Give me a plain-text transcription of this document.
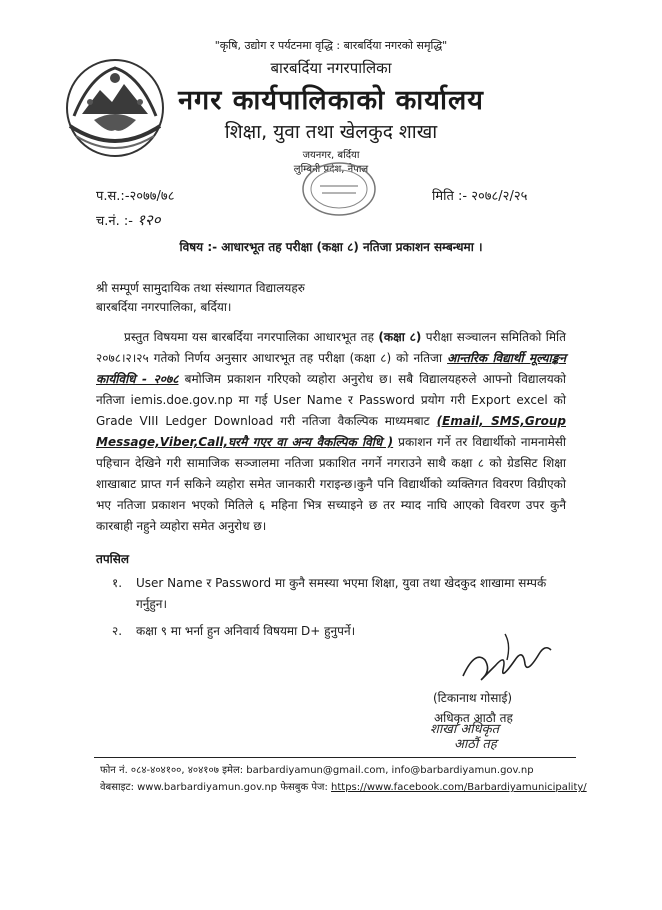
"कृषि, उद्योग र पर्यटनमा वृद्धि : बारबर्दिया नगरको समृद्धि"
बारबर्दिया नगरपालिका
नगर कार्यपालिकाको कार्यालय
शिक्षा, युवा तथा खेलकुद शाखा
जयनगर, बर्दिया
लुम्बिनी प्रदेश, नेपाल
प.स.:-२०७७/७८	मिति :- २०७८/२/२५
च.नं. :- १२०
विषय :- आधारभूत तह परीक्षा (कक्षा ८) नतिजा प्रकाशन सम्बन्धमा ।
श्री सम्पूर्ण सामुदायिक तथा संस्थागत विद्यालयहरु
बारबर्दिया नगरपालिका, बर्दिया।
प्रस्तुत विषयमा यस बारबर्दिया नगरपालिका आधारभूत तह (कक्षा ८) परीक्षा सञ्चालन समितिको मिति २०७८।२।२५ गतेको निर्णय अनुसार आधारभूत तह परीक्षा (कक्षा ८) को नतिजा आन्तरिक विद्यार्थी मूल्याङ्कन कार्यविधि - २०७८ बमोजिम प्रकाशन गरिएको व्यहोरा अनुरोध छ। सबै विद्यालयहरुले आफ्नो विद्यालयको नतिजा iemis.doe.gov.np मा गई User Name र Password प्रयोग गरी Export excel को Grade VIII Ledger Download गरी नतिजा वैकल्पिक माध्यमबाट (Email, SMS,Group Message,Viber,Call,घरमै गएर वा अन्य वैकल्पिक विधि ) प्रकाशन गर्ने तर विद्यार्थीको नामनामेसी पहिचान देखिने गरी सामाजिक सञ्जालमा नतिजा प्रकाशित नगर्ने नगराउने साथै कक्षा ८ को ग्रेडसिट शिक्षा शाखाबाट प्राप्त गर्न सकिने व्यहोरा समेत जानकारी गराइन्छ।कुनै पनि विद्यार्थीको व्यक्तिगत विवरण विग्रीएको भए नतिजा प्रकाशन भएको मितिले ६ महिना भित्र सच्याइने छ तर म्याद नाघि आएको विवरण उपर कुनै कारबाही नहुने व्यहोरा समेत अनुरोध छ।
तपसिल
१.	User Name र Password मा कुनै समस्या भएमा शिक्षा, युवा तथा खेदकुद शाखामा सम्पर्क गर्नुहुन।
२.	कक्षा ९ मा भर्ना हुन अनिवार्य विषयमा D+ हुनुपर्ने।
(टिकानाथ गोसाई)
अधिकृत आठौ तह
शाखा अधिकृत
आठौं तह
फोन नं. ०८४-४०४१००, ४०४१०७ इमेल: barbardiyamun@gmail.com, info@barbardiyamun.gov.np
वेबसाइट: www.barbardiyamun.gov.np फेसबुक पेज: https://www.facebook.com/Barbardiyamunicipality/
